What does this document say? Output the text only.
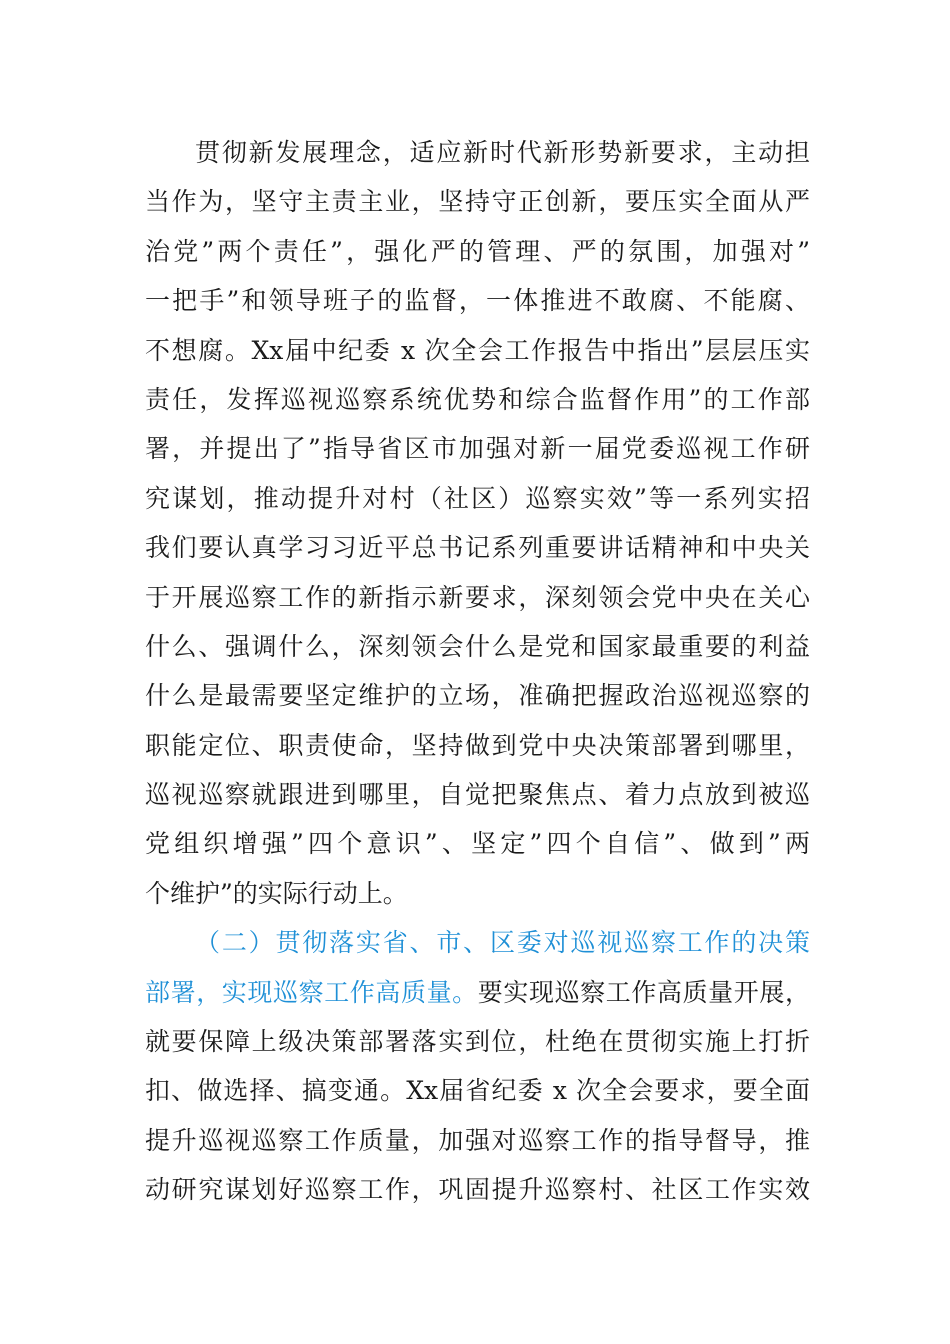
贯彻新发展理念，适应新时代新形势新要求，主动担
当作为，坚守主责主业，坚持守正创新，要压实全面从严
治党”两个责任”，强化严的管理、严的氛围，加强对”
一把手”和领导班子的监督，一体推进不敢腐、不能腐、
不想腐。Xx届中纪委 x 次全会工作报告中指出”层层压实
责任，发挥巡视巡察系统优势和综合监督作用”的工作部
署，并提出了”指导省区市加强对新一届党委巡视工作研
究谋划，推动提升对村（社区）巡察实效”等一系列实招
我们要认真学习习近平总书记系列重要讲话精神和中央关
于开展巡察工作的新指示新要求，深刻领会党中央在关心
什么、强调什么，深刻领会什么是党和国家最重要的利益
什么是最需要坚定维护的立场，准确把握政治巡视巡察的
职能定位、职责使命，坚持做到党中央决策部署到哪里，
巡视巡察就跟进到哪里，自觉把聚焦点、着力点放到被巡
党组织增强”四个意识”、坚定”四个自信”、做到”两
个维护”的实际行动上。
（二）贯彻落实省、市、区委对巡视巡察工作的决策
部署，实现巡察工作高质量。要实现巡察工作高质量开展，
就要保障上级决策部署落实到位，杜绝在贯彻实施上打折
扣、做选择、搞变通。Xx届省纪委 x 次全会要求，要全面
提升巡视巡察工作质量，加强对巡察工作的指导督导，推
动研究谋划好巡察工作，巩固提升巡察村、社区工作实效
